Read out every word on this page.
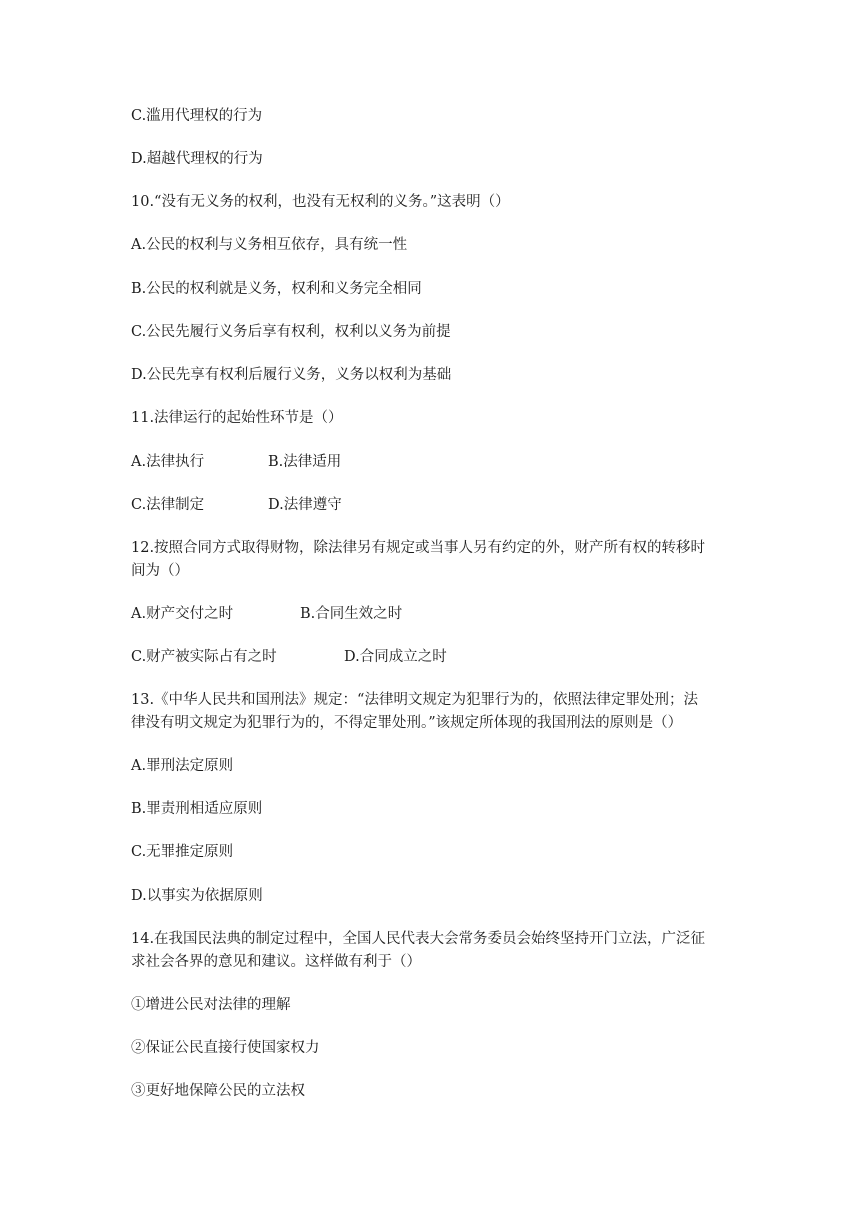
C.滥用代理权的行为
D.超越代理权的行为
10.“没有无义务的权利，也没有无权利的义务。”这表明（）
A.公民的权利与义务相互依存，具有统一性
B.公民的权利就是义务，权利和义务完全相同
C.公民先履行义务后享有权利，权利以义务为前提
D.公民先享有权利后履行义务，义务以权利为基础
11.法律运行的起始性环节是（）
A.法律执行	B.法律适用
C.法律制定	D.法律遵守
12.按照合同方式取得财物，除法律另有规定或当事人另有约定的外，财产所有权的转移时
间为（）
A.财产交付之时	B.合同生效之时
C.财产被实际占有之时	D.合同成立之时
13.《中华人民共和国刑法》规定：“法律明文规定为犯罪行为的，依照法律定罪处刑；法
律没有明文规定为犯罪行为的，不得定罪处刑。”该规定所体现的我国刑法的原则是（）
A.罪刑法定原则
B.罪责刑相适应原则
C.无罪推定原则
D.以事实为依据原则
14.在我国民法典的制定过程中，全国人民代表大会常务委员会始终坚持开门立法，广泛征
求社会各界的意见和建议。这样做有利于（）
①增进公民对法律的理解
②保证公民直接行使国家权力
③更好地保障公民的立法权
